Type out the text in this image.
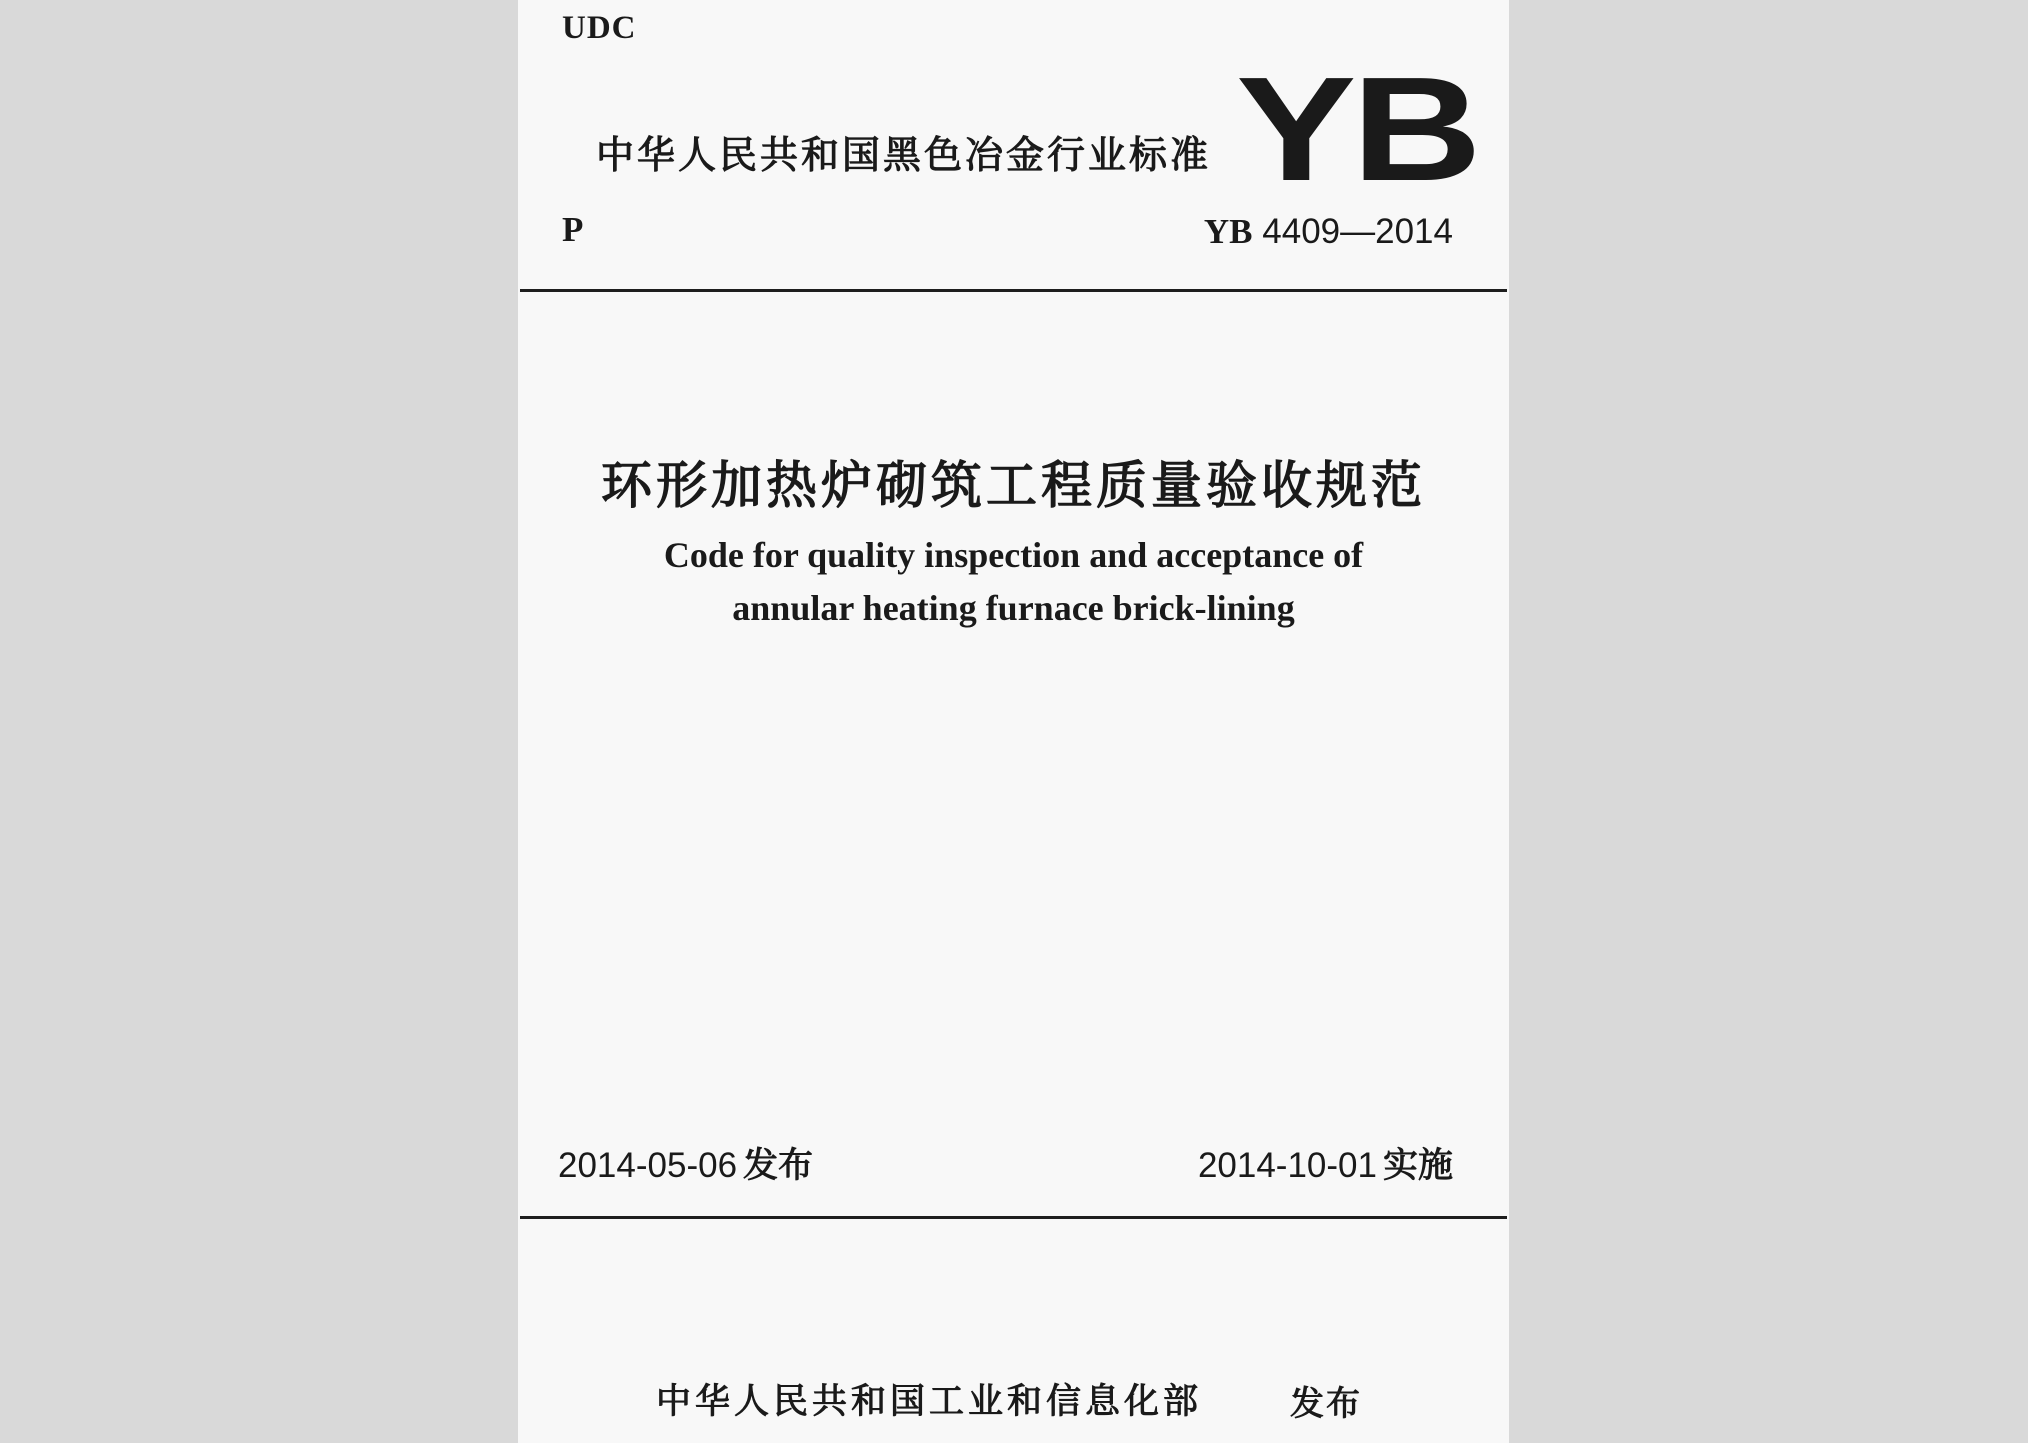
UDC
中华人民共和国黑色冶金行业标准 YB
P	YB 4409—2014
环形加热炉砌筑工程质量验收规范
Code for quality inspection and acceptance of
annular heating furnace brick-lining
2014-05-06 发布	2014-10-01 实施
中华人民共和国工业和信息化部	发布
